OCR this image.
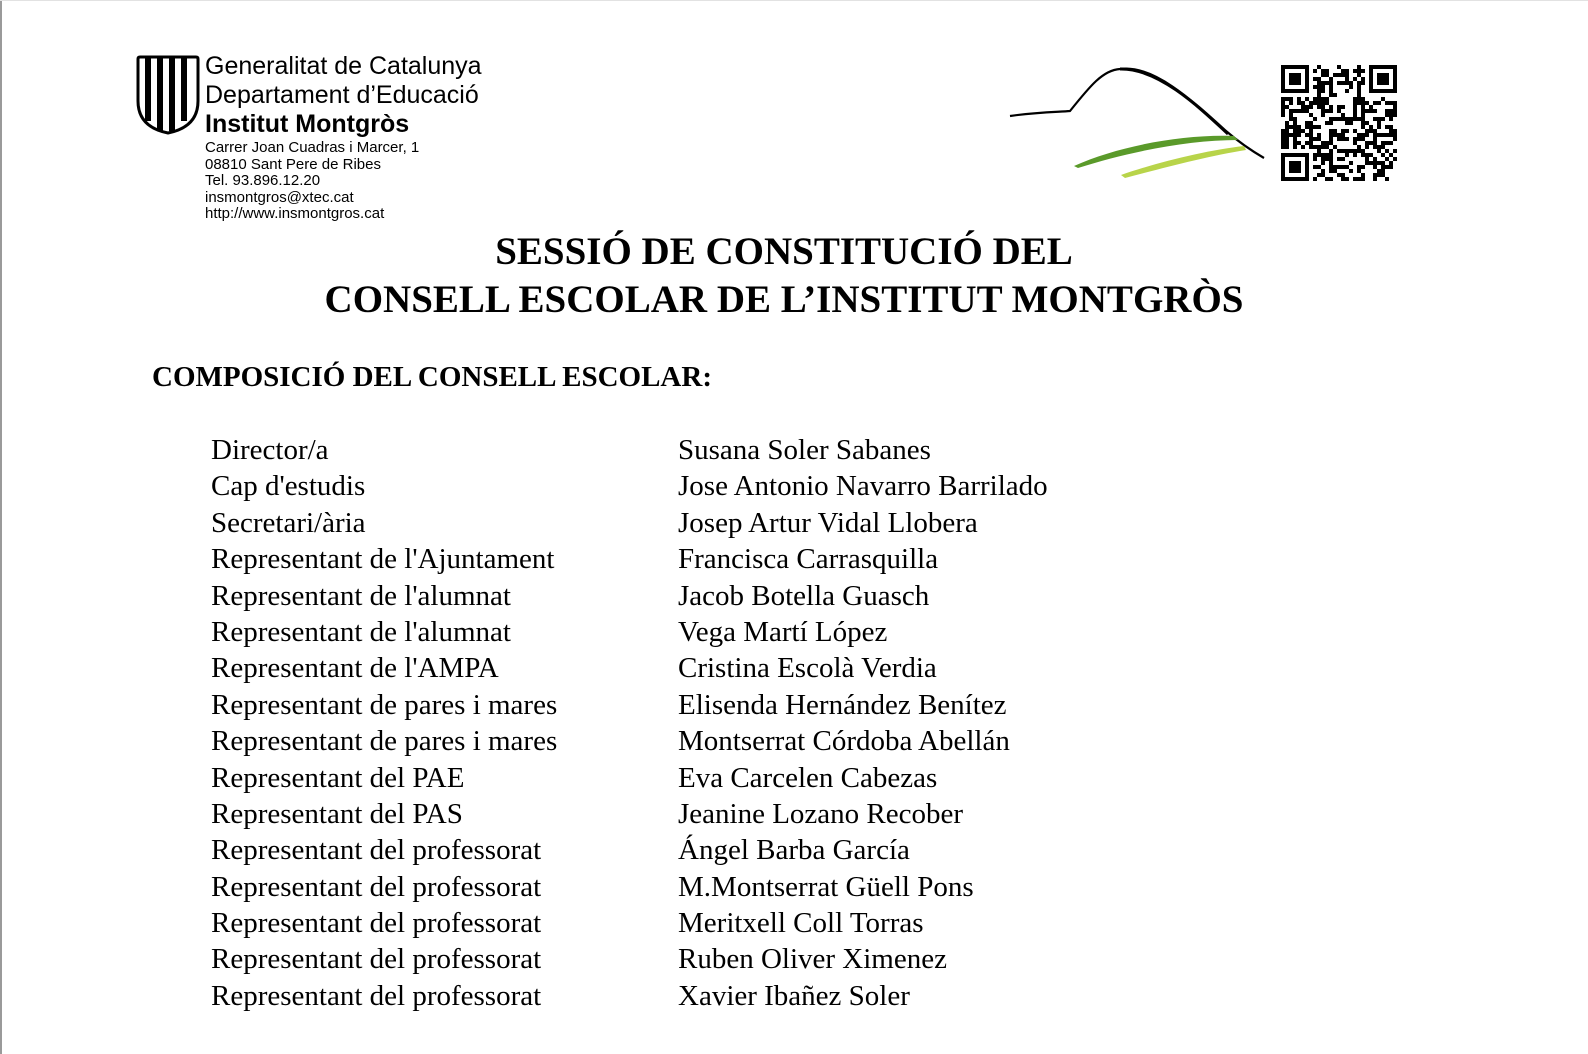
Generalitat de Catalunya
Departament d’Educació
Institut Montgròs
Carrer Joan Cuadras i Marcer, 1
08810 Sant Pere de Ribes
Tel. 93.896.12.20
insmontgros@xtec.cat
http://www.insmontgros.cat
SESSIÓ DE CONSTITUCIÓ DEL
CONSELL ESCOLAR DE L’INSTITUT MONTGRÒS
COMPOSICIÓ DEL CONSELL ESCOLAR:
Director/a	Susana Soler Sabanes
Cap d'estudis	Jose Antonio Navarro Barrilado
Secretari/ària	Josep Artur Vidal Llobera
Representant de l'Ajuntament	Francisca Carrasquilla
Representant de l'alumnat	Jacob Botella Guasch
Representant de l'alumnat	Vega Martí López
Representant de l'AMPA	Cristina Escolà Verdia
Representant de pares i mares	Elisenda Hernández Benítez
Representant de pares i mares	Montserrat Córdoba Abellán
Representant del PAE	Eva Carcelen Cabezas
Representant del PAS	Jeanine Lozano Recober
Representant del professorat	Ángel Barba García
Representant del professorat	M.Montserrat Güell Pons
Representant del professorat	Meritxell Coll Torras
Representant del professorat	Ruben Oliver Ximenez
Representant del professorat	Xavier Ibañez Soler
